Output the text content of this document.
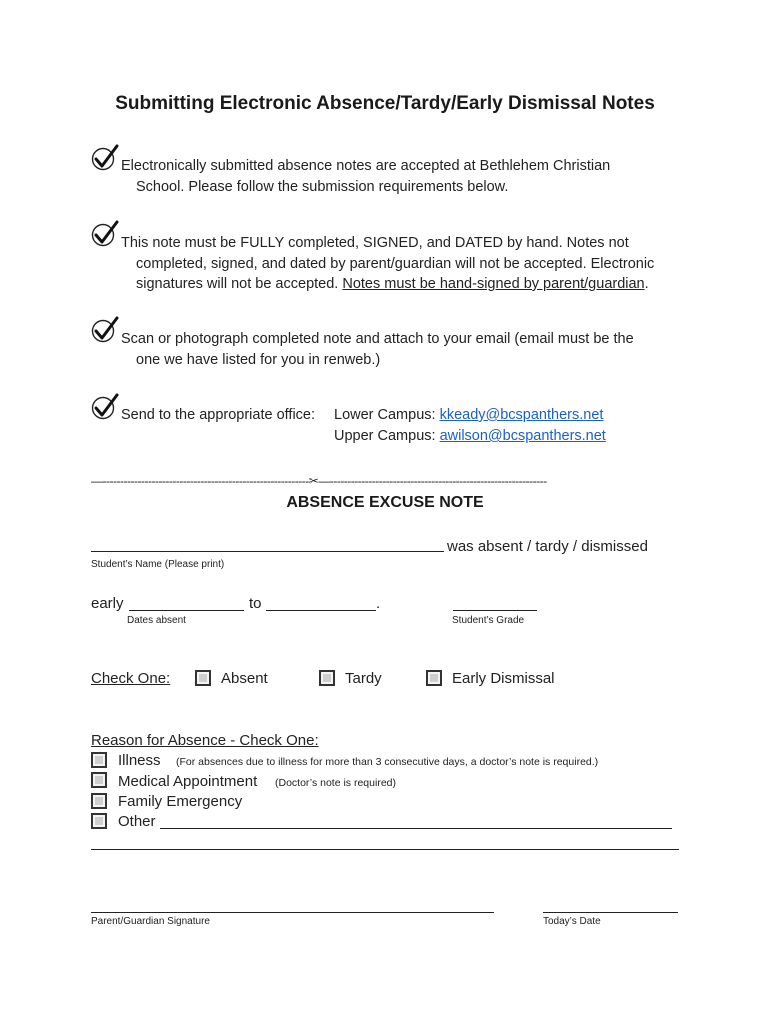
Submitting Electronic Absence/Tardy/Early Dismissal Notes
Electronically submitted absence notes are accepted at Bethlehem Christian
School. Please follow the submission requirements below.
This note must be FULLY completed, SIGNED, and DATED by hand. Notes not
completed, signed, and dated by parent/guardian will not be accepted. Electronic
signatures will not be accepted. Notes must be hand-signed by parent/guardian.
Scan or photograph completed note and attach to your email (email must be the
one we have listed for you in renweb.)
Send to the appropriate office: Lower Campus: kkeady@bcspanthers.net
Upper Campus: awilson@bcspanthers.net
—-----------------------------------------------------------✂—--------------------------------------------------------------
ABSENCE EXCUSE NOTE
was absent / tardy / dismissed
Student’s Name (Please print)
early	to	.
Dates absent	Student’s Grade
Check One:	Absent	Tardy	Early Dismissal
Reason for Absence - Check One:
Illness (For absences due to illness for more than 3 consecutive days, a doctor’s note is required.)
Medical Appointment (Doctor’s note is required)
Family Emergency
Other
Parent/Guardian Signature	Today’s Date
